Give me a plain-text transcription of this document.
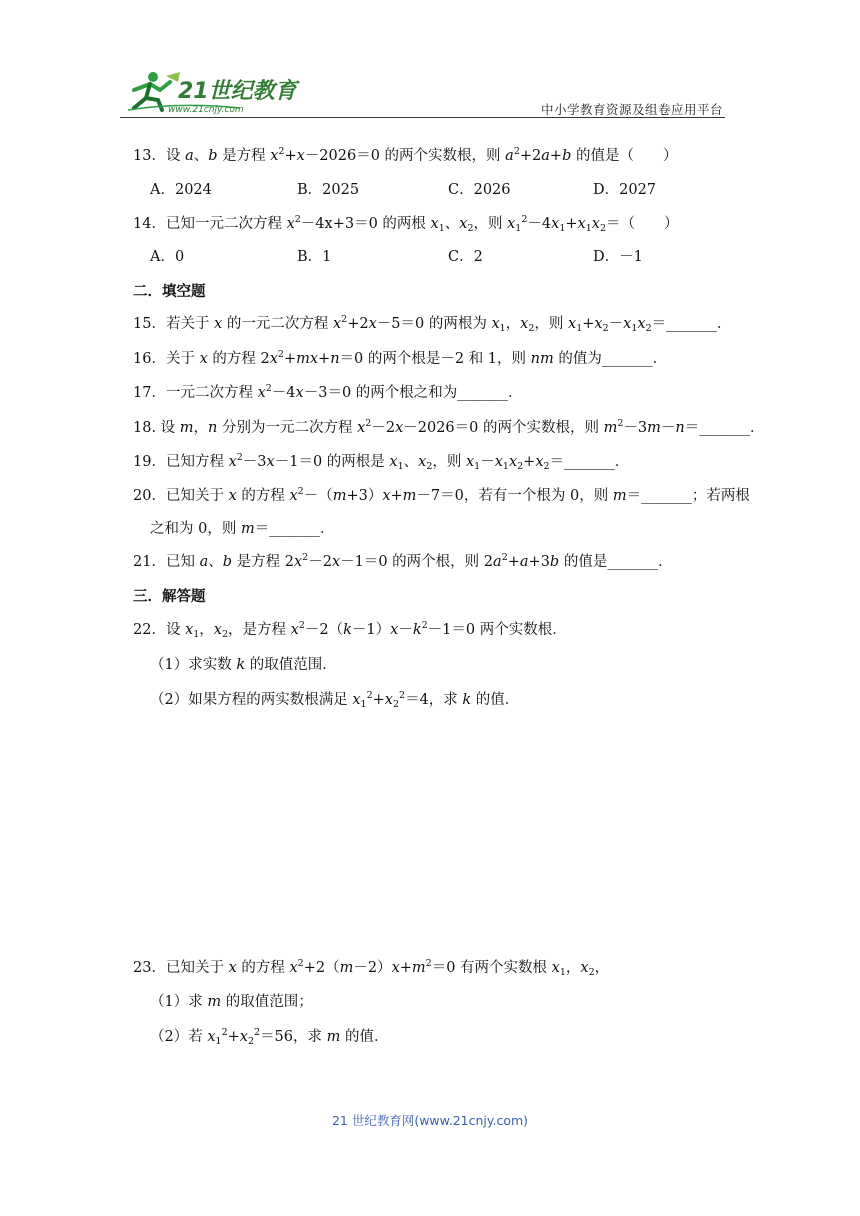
21世纪教育
www.21cnjy.com	中小学教育资源及组卷应用平台
13．设 a、b 是方程 $x^2+x-2026=0$ 的两个实数根，则 $a^2+2a+b$ 的值是（　　）
A．2024	B．2025	C．2026	D．2027
14．已知一元二次方程 $x^2-4x+3=0$ 的两根 $x_1$、$x_2$，则 $x_1^2-4x_1+x_1x_2=$（　　）
A．0	B．1	C．2	D．－1
二．填空题
15．若关于 x 的一元二次方程 $x^2+2x-5=0$ 的两根为 $x_1$，$x_2$，则 $x_1+x_2-x_1x_2=\_\_\_\_\_\_\_$．
16．关于 x 的方程 $2x^2+mx+n=0$ 的两个根是－2 和 1，则 nm 的值为_______．
17．一元二次方程 $x^2-4x-3=0$ 的两个根之和为_______．
18. 设 m，n 分别为一元二次方程 $x^2-2x-2026=0$ 的两个实数根，则 $m^2-3m-n=\_\_\_\_\_\_\_$．
19．已知方程 $x^2-3x-1=0$ 的两根是 $x_1$、$x_2$，则 $x_1-x_1x_2+x_2=\_\_\_\_\_\_\_$．
20．已知关于 x 的方程 $x^2-(m+3)x+m-7=0$，若有一个根为 0，则 m＝_______；若两根
之和为 0，则 m＝_______．
21．已知 a、b 是方程 $2x^2-2x-1=0$ 的两个根，则 $2a^2+a+3b$ 的值是_______．
三．解答题
22．设 $x_1$，$x_2$，是方程 $x^2-2(k-1)x-k^2-1=0$ 两个实数根．
（1）求实数 k 的取值范围．
（2）如果方程的两实数根满足 $x_1^2+x_2^2=4$，求 k 的值．
23．已知关于 x 的方程 $x^2+2(m-2)x+m^2=0$ 有两个实数根 $x_1$，$x_2$，
（1）求 m 的取值范围；
（2）若 $x_1^2+x_2^2=56$，求 m 的值．
21 世纪教育网(www.21cnjy.com)
